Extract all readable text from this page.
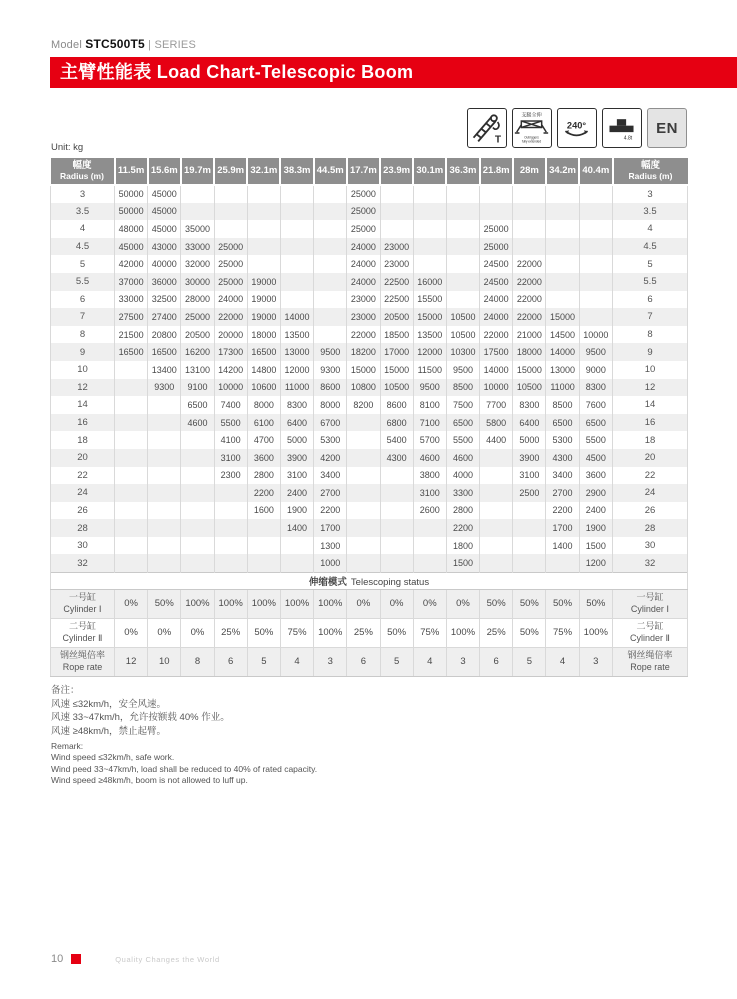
Model STC500T5 | SERIES
主臂性能表 Load Chart-Telescopic Boom
T
支腿全伸
Outriggers
fully extended
240°
4.8t
EN
Unit: kg
幅度
Radius (m)
	11.5m	15.6m	19.7m	25.9m	32.1m	38.3m	44.5m	17.7m	23.9m	30.1m	36.3m	21.8m	28m	34.2m	40.4m	幅度
Radius (m)

3	50000	45000						25000								3
3.5	50000	45000						25000								3.5
4	48000	45000	35000					25000				25000				4
4.5	45000	43000	33000	25000				24000	23000			25000				4.5
5	42000	40000	32000	25000				24000	23000			24500	22000			5
5.5	37000	36000	30000	25000	19000			24000	22500	16000		24500	22000			5.5
6	33000	32500	28000	24000	19000			23000	22500	15500		24000	22000			6
7	27500	27400	25000	22000	19000	14000		23000	20500	15000	10500	24000	22000	15000		7
8	21500	20800	20500	20000	18000	13500		22000	18500	13500	10500	22000	21000	14500	10000	8
9	16500	16500	16200	17300	16500	13000	9500	18200	17000	12000	10300	17500	18000	14000	9500	9
10		13400	13100	14200	14800	12000	9300	15000	15000	11500	9500	14000	15000	13000	9000	10
12		9300	9100	10000	10600	11000	8600	10800	10500	9500	8500	10000	10500	11000	8300	12
14			6500	7400	8000	8300	8000	8200	8600	8100	7500	7700	8300	8500	7600	14
16			4600	5500	6100	6400	6700		6800	7100	6500	5800	6400	6500	6500	16
18				4100	4700	5000	5300		5400	5700	5500	4400	5000	5300	5500	18
20				3100	3600	3900	4200		4300	4600	4600		3900	4300	4500	20
22				2300	2800	3100	3400			3800	4000		3100	3400	3600	22
24					2200	2400	2700			3100	3300		2500	2700	2900	24
26					1600	1900	2200			2600	2800			2200	2400	26
28						1400	1700				2200			1700	1900	28
30							1300				1800			1400	1500	30
32							1000				1500				1200	32
伸缩模式 Telescoping status																

一号缸
Cylinder Ⅰ	0%	50%	100%	100%	100%	100%	100%	0%	0%	0%	0%	50%	50%	50%	50%	
一号缸
Cylinder Ⅰ

二号缸
Cylinder Ⅱ	0%	0%	0%	25%	50%	75%	100%	25%	50%	75%	100%	25%	50%	75%	100%	
二号缸
Cylinder Ⅱ

钢丝绳倍率
Rope rate	12	10	8	6	5	4	3	6	5	4	3	6	5	4	3	
钢丝绳倍率
Rope rate
备注：
风速 ≤32km/h，安全风速。
风速 33~47km/h，允许按额载 40% 作业。
风速 ≥48km/h，禁止起臂。
Remark:
Wind speed ≤32km/h, safe work.
Wind peed 33~47km/h, load shall be reduced to 40% of rated capacity.
Wind speed ≥48km/h, boom is not allowed to luff up.
10	Quality Changes the World
